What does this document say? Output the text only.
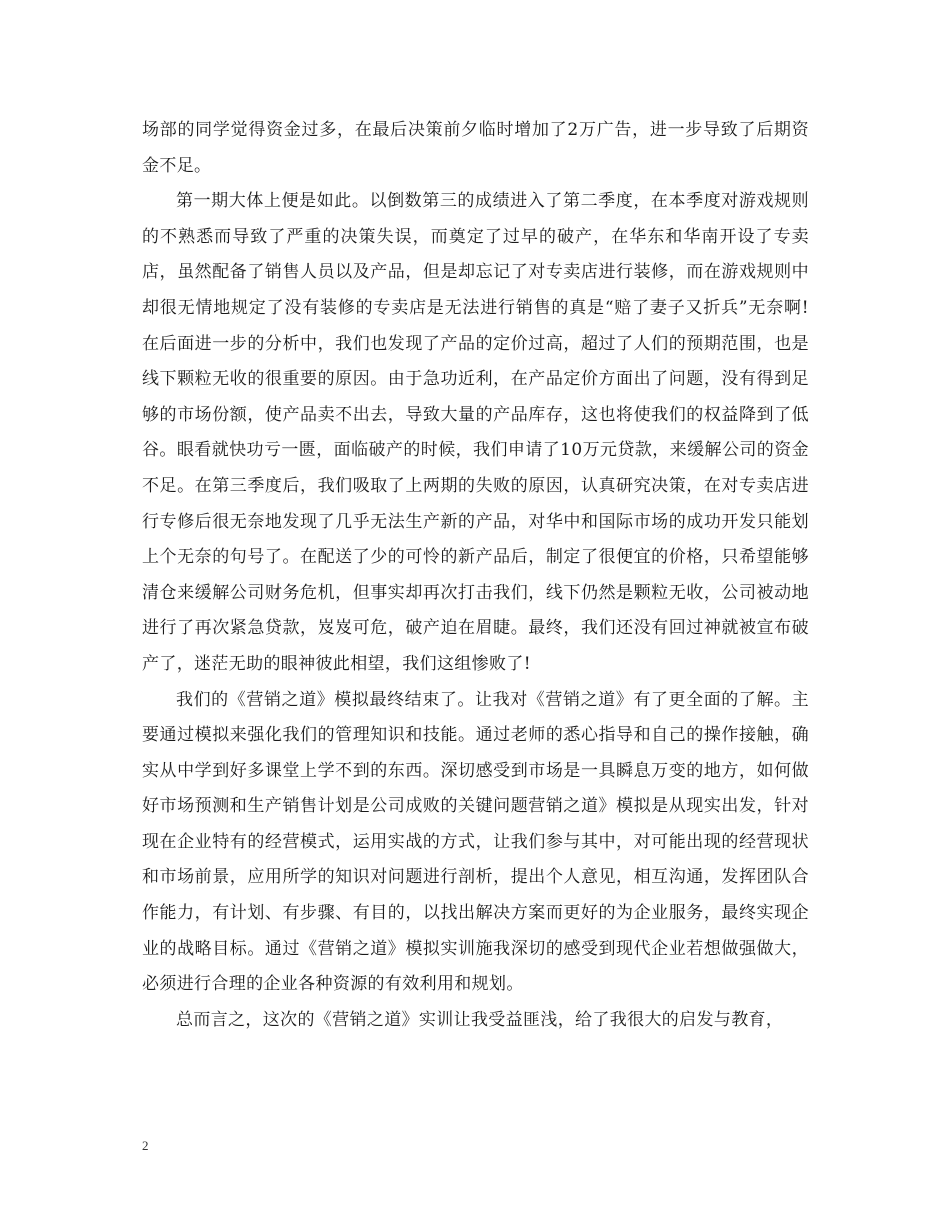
场部的同学觉得资金过多，在最后决策前夕临时增加了2万广告，进一步导致了后期资金不足。

第一期大体上便是如此。以倒数第三的成绩进入了第二季度，在本季度对游戏规则的不熟悉而导致了严重的决策失误，而奠定了过早的破产，在华东和华南开设了专卖店，虽然配备了销售人员以及产品，但是却忘记了对专卖店进行装修，而在游戏规则中却很无情地规定了没有装修的专卖店是无法进行销售的真是“赔了妻子又折兵”无奈啊!在后面进一步的分析中，我们也发现了产品的定价过高，超过了人们的预期范围，也是线下颗粒无收的很重要的原因。由于急功近利，在产品定价方面出了问题，没有得到足够的市场份额，使产品卖不出去，导致大量的产品库存，这也将使我们的权益降到了低谷。眼看就快功亏一匮，面临破产的时候，我们申请了10万元贷款，来缓解公司的资金不足。在第三季度后，我们吸取了上两期的失败的原因，认真研究决策，在对专卖店进行专修后很无奈地发现了几乎无法生产新的产品，对华中和国际市场的成功开发只能划上个无奈的句号了。在配送了少的可怜的新产品后，制定了很便宜的价格，只希望能够清仓来缓解公司财务危机，但事实却再次打击我们，线下仍然是颗粒无收，公司被动地进行了再次紧急贷款，岌岌可危，破产迫在眉睫。最终，我们还没有回过神就被宣布破产了，迷茫无助的眼神彼此相望，我们这组惨败了!

我们的《营销之道》模拟最终结束了。让我对《营销之道》有了更全面的了解。主要通过模拟来强化我们的管理知识和技能。通过老师的悉心指导和自己的操作接触，确实从中学到好多课堂上学不到的东西。深切感受到市场是一具瞬息万变的地方，如何做好市场预测和生产销售计划是公司成败的关键问题营销之道》模拟是从现实出发，针对现在企业特有的经营模式，运用实战的方式，让我们参与其中，对可能出现的经营现状和市场前景，应用所学的知识对问题进行剖析，提出个人意见，相互沟通，发挥团队合作能力，有计划、有步骤、有目的，以找出解决方案而更好的为企业服务，最终实现企业的战略目标。通过《营销之道》模拟实训施我深切的感受到现代企业若想做强做大，必须进行合理的企业各种资源的有效利用和规划。

总而言之，这次的《营销之道》实训让我受益匪浅，给了我很大的启发与教育，

2
